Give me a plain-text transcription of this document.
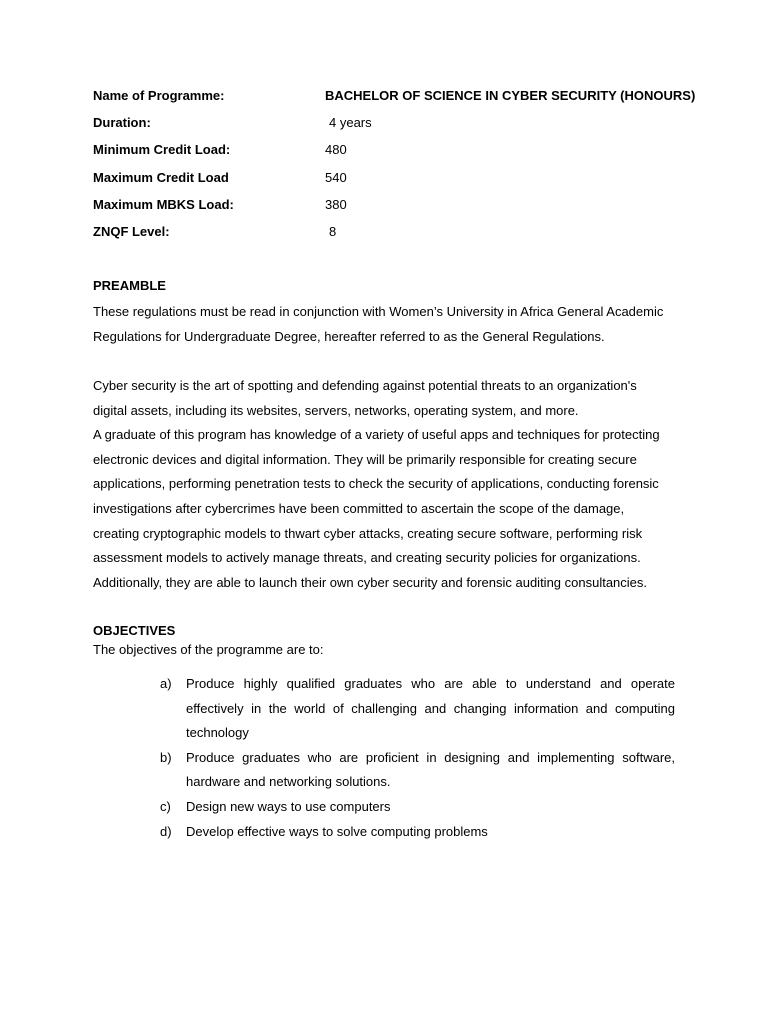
Name of Programme:	BACHELOR OF SCIENCE IN CYBER SECURITY (HONOURS)
Duration:	4 years
Minimum Credit Load:	480
Maximum Credit Load	540
Maximum MBKS Load:	380
ZNQF Level:	8
PREAMBLE

These regulations must be read in conjunction with Women’s University in Africa General Academic
Regulations for Undergraduate Degree, hereafter referred to as the General Regulations.

Cyber security is the art of spotting and defending against potential threats to an organization's
digital assets, including its websites, servers, networks, operating system, and more.
A graduate of this program has knowledge of a variety of useful apps and techniques for protecting
electronic devices and digital information. They will be primarily responsible for creating secure
applications, performing penetration tests to check the security of applications, conducting forensic
investigations after cybercrimes have been committed to ascertain the scope of the damage,
creating cryptographic models to thwart cyber attacks, creating secure software, performing risk
assessment models to actively manage threats, and creating security policies for organizations.
Additionally, they are able to launch their own cyber security and forensic auditing consultancies.

OBJECTIVES

The objectives of the programme are to:

a) Produce highly qualified graduates who are able to understand and operate effectively in the world of challenging and changing information and computing technology
b) Produce graduates who are proficient in designing and implementing software, hardware and networking solutions.
c) Design new ways to use computers
d) Develop effective ways to solve computing problems
